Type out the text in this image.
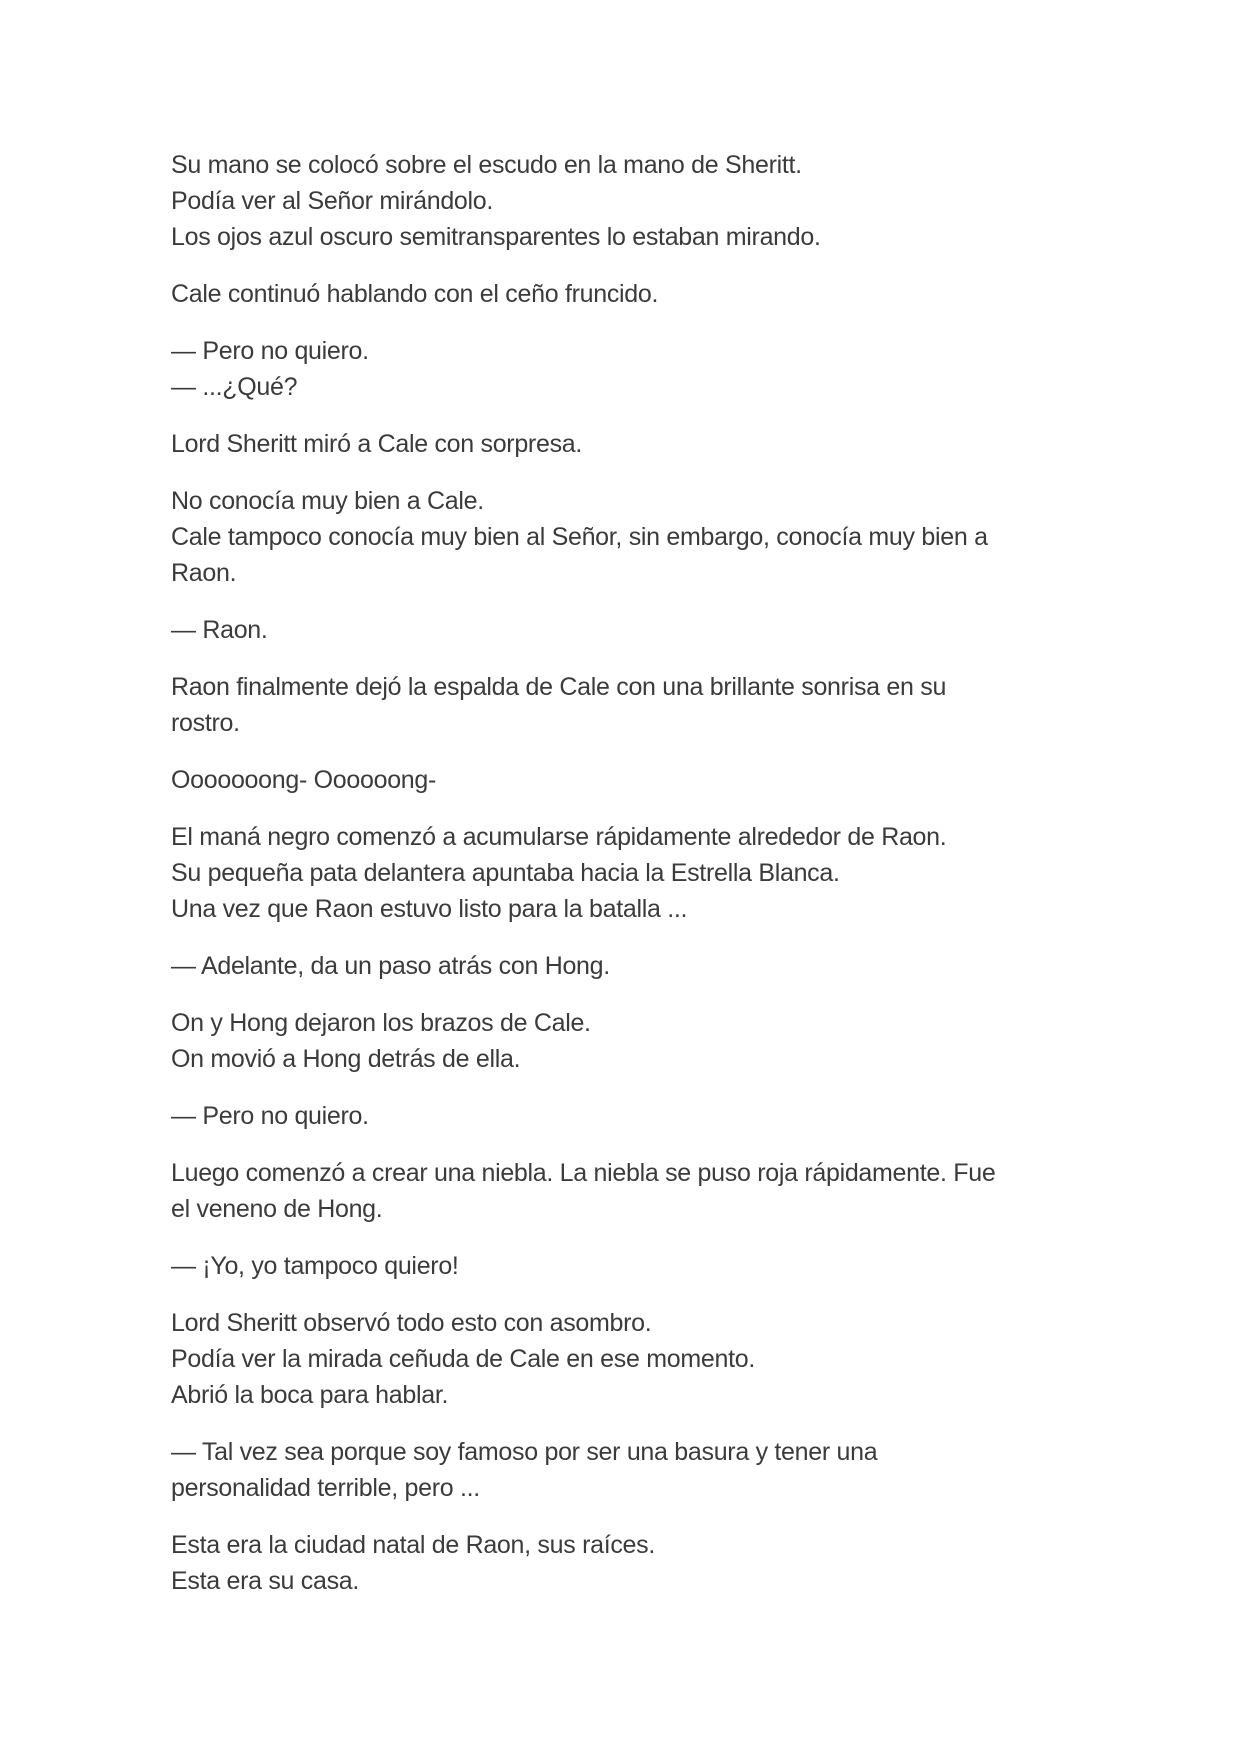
Su mano se colocó sobre el escudo en la mano de Sheritt.
Podía ver al Señor mirándolo.
Los ojos azul oscuro semitransparentes lo estaban mirando.

Cale continuó hablando con el ceño fruncido.

— Pero no quiero.
— ...¿Qué?

Lord Sheritt miró a Cale con sorpresa.

No conocía muy bien a Cale.
Cale tampoco conocía muy bien al Señor, sin embargo, conocía muy bien a
Raon.

— Raon.

Raon finalmente dejó la espalda de Cale con una brillante sonrisa en su
rostro.

Ooooooong- Oooooong-

El maná negro comenzó a acumularse rápidamente alrededor de Raon.
Su pequeña pata delantera apuntaba hacia la Estrella Blanca.
Una vez que Raon estuvo listo para la batalla ...

— Adelante, da un paso atrás con Hong.

On y Hong dejaron los brazos de Cale.
On movió a Hong detrás de ella.

— Pero no quiero.

Luego comenzó a crear una niebla. La niebla se puso roja rápidamente. Fue
el veneno de Hong.

— ¡Yo, yo tampoco quiero!

Lord Sheritt observó todo esto con asombro.
Podía ver la mirada ceñuda de Cale en ese momento.
Abrió la boca para hablar.

— Tal vez sea porque soy famoso por ser una basura y tener una
personalidad terrible, pero ...

Esta era la ciudad natal de Raon, sus raíces.
Esta era su casa.
